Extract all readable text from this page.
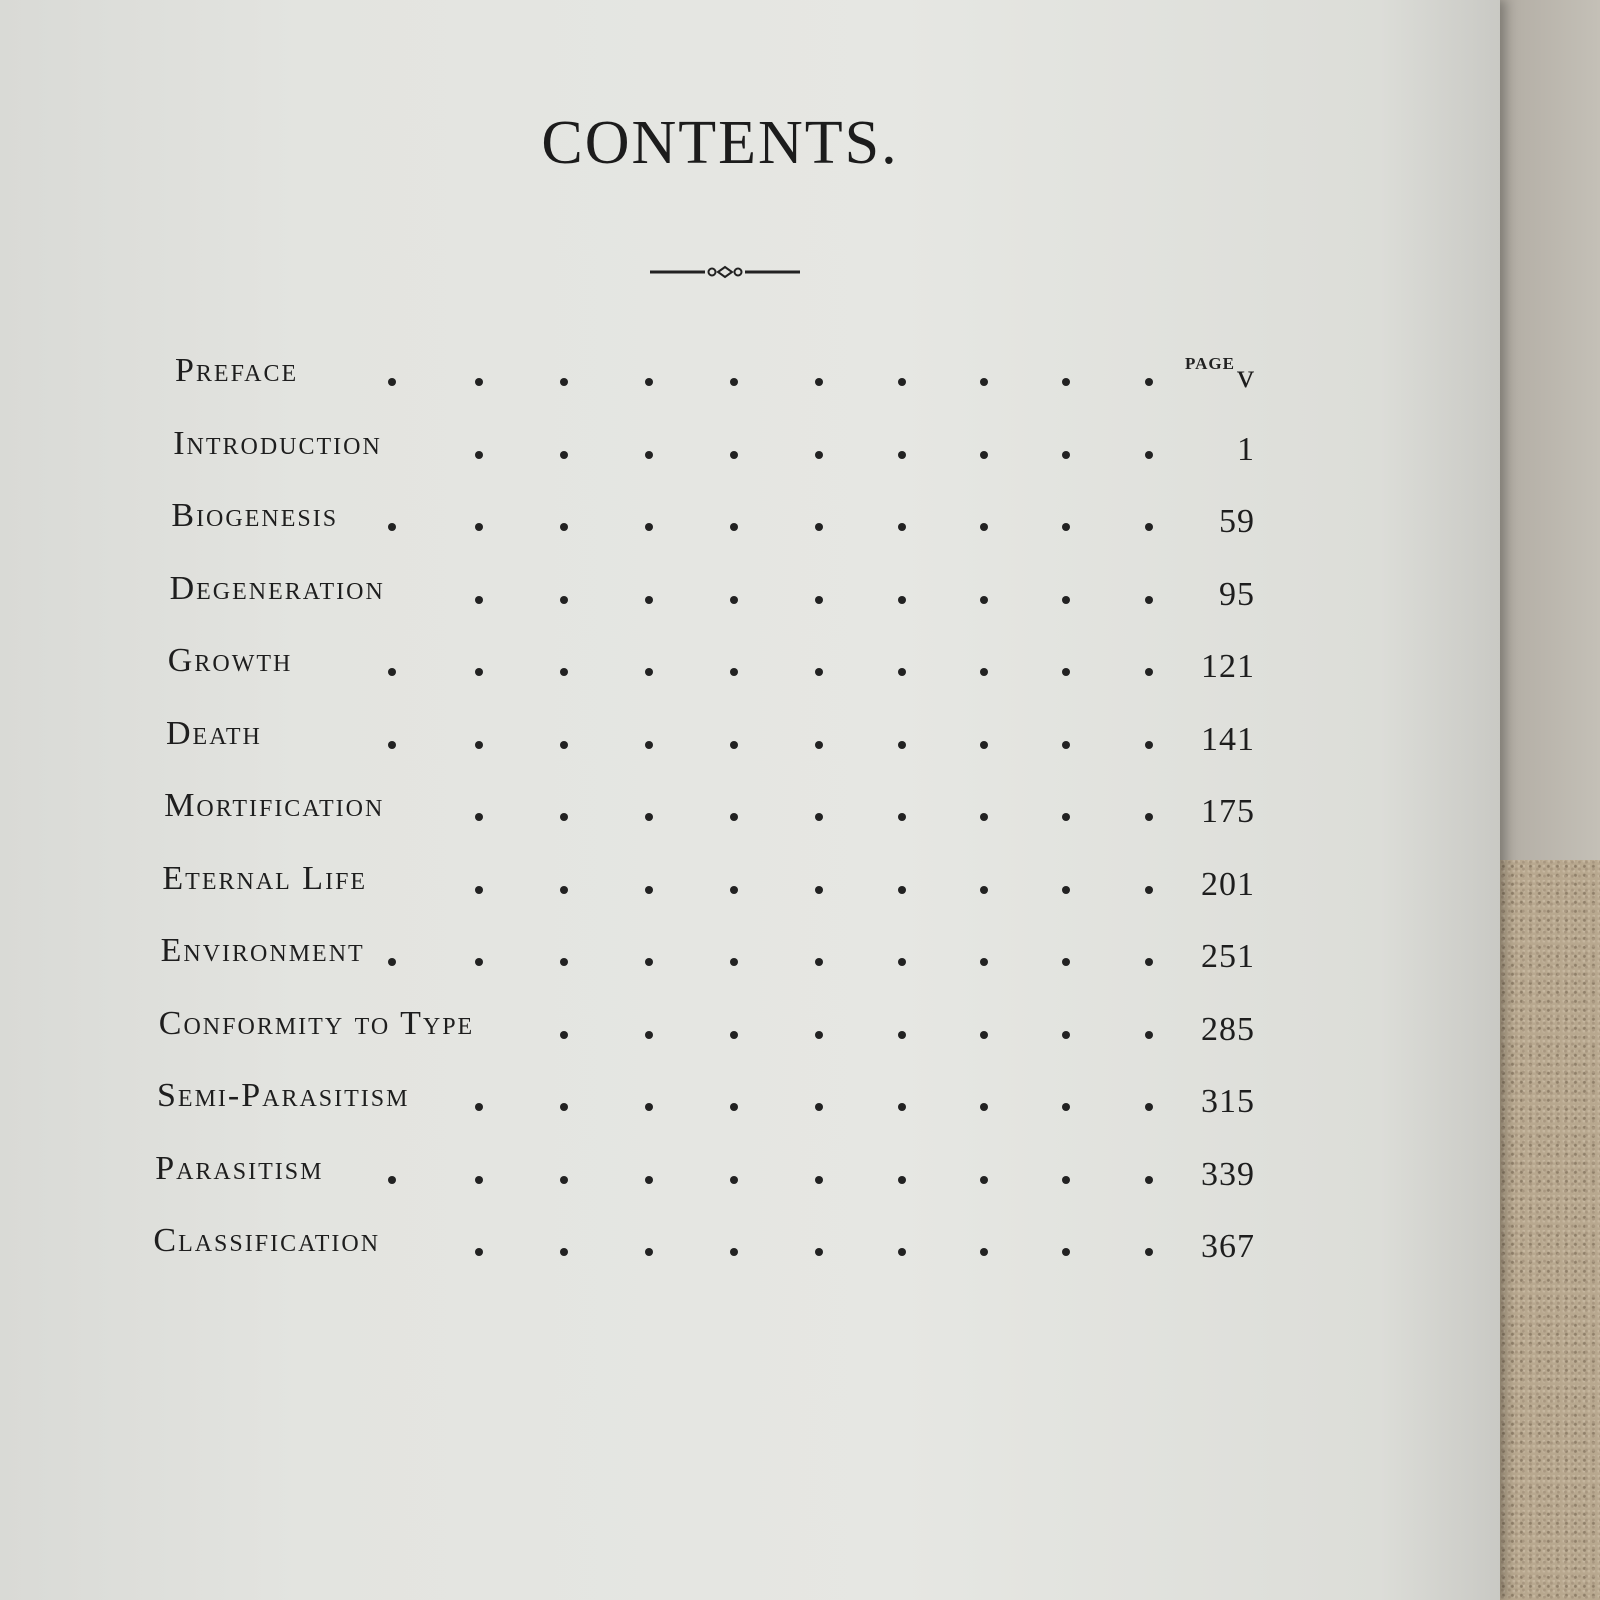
CONTENTS.
PAGE
Preface	v
Introduction	1
Biogenesis	59
Degeneration	95
Growth	121
Death	141
Mortification	175
Eternal Life	201
Environment	251
Conformity to Type	285
Semi-Parasitism	315
Parasitism	339
Classification	367
